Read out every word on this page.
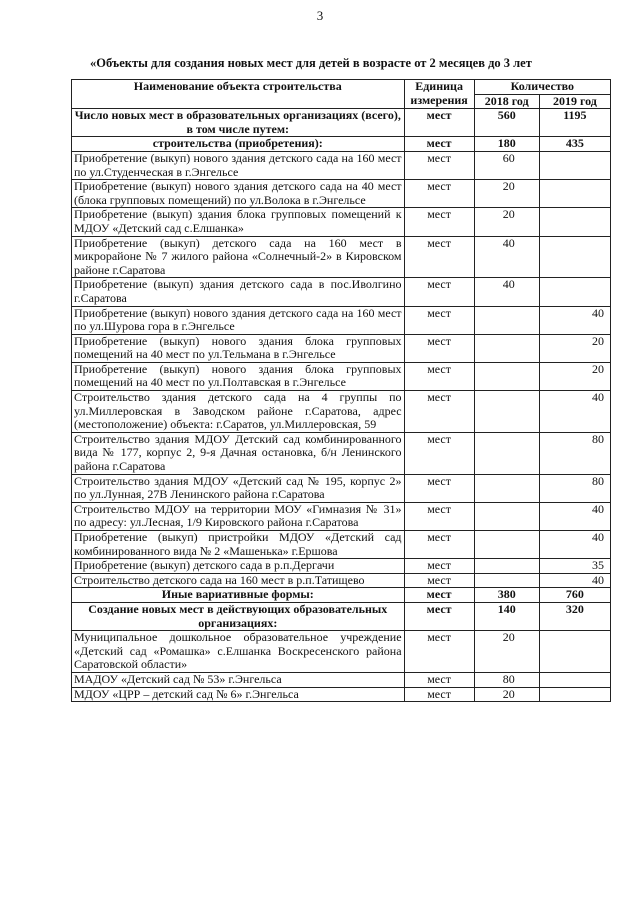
3
«Объекты для создания новых мест для детей в возрасте от 2 месяцев до 3 лет
Наименование объекта строительства	Единица измерения	Количество	
		2018 год	2019 год
Число новых мест в образовательных организациях (всего), в том числе путем:	мест	560	1195
строительства (приобретения):	мест	180	435
Приобретение (выкуп) нового здания детского сада на 160 мест по ул.Студенческая в г.Энгельсе	мест	60	
Приобретение (выкуп) нового здания детского сада на 40 мест (блока групповых помещений) по ул.Волока в г.Энгельсе	мест	20	
Приобретение (выкуп) здания блока групповых помещений к МДОУ «Детский сад с.Елшанка»	мест	20	
Приобретение (выкуп) детского сада на 160 мест в микрорайоне № 7 жилого района «Солнечный-2» в Кировском районе г.Саратова	мест	40	
Приобретение (выкуп) здания детского сада в пос.Иволгино г.Саратова	мест	40	
Приобретение (выкуп) нового здания детского сада на 160 мест по ул.Шурова гора в г.Энгельсе	мест		40
Приобретение (выкуп) нового здания блока групповых помещений на 40 мест по ул.Тельмана в г.Энгельсе	мест		20
Приобретение (выкуп) нового здания блока групповых помещений на 40 мест по ул.Полтавская в г.Энгельсе	мест		20
Строительство здания детского сада на 4 группы по ул.Миллеровская в Заводском районе г.Саратова, адрес (местоположение) объекта: г.Саратов, ул.Миллеровская, 59	мест		40
Строительство здания МДОУ Детский сад комбинированного вида № 177, корпус 2, 9-я Дачная остановка, б/н Ленинского района г.Саратова	мест		80
Строительство здания МДОУ «Детский сад № 195, корпус 2» по ул.Лунная, 27В Ленинского района г.Саратова	мест		80
Строительство МДОУ на территории МОУ «Гимназия № 31» по адресу: ул.Лесная, 1/9 Кировского района г.Саратова	мест		40
Приобретение (выкуп) пристройки МДОУ «Детский сад комбинированного вида № 2 «Машенька» г.Ершова	мест		40
Приобретение (выкуп) детского сада в р.п.Дергачи	мест		35
Строительство детского сада на 160 мест в р.п.Татищево	мест		40
Иные вариативные формы:	мест	380	760
Создание новых мест в действующих образовательных организациях:	мест	140	320
Муниципальное дошкольное образовательное учреждение «Детский сад «Ромашка» с.Елшанка Воскресенского района Саратовской области»	мест	20	
МАДОУ «Детский сад № 53» г.Энгельса	мест	80	
МДОУ «ЦРР – детский сад № 6» г.Энгельса	мест	20	
